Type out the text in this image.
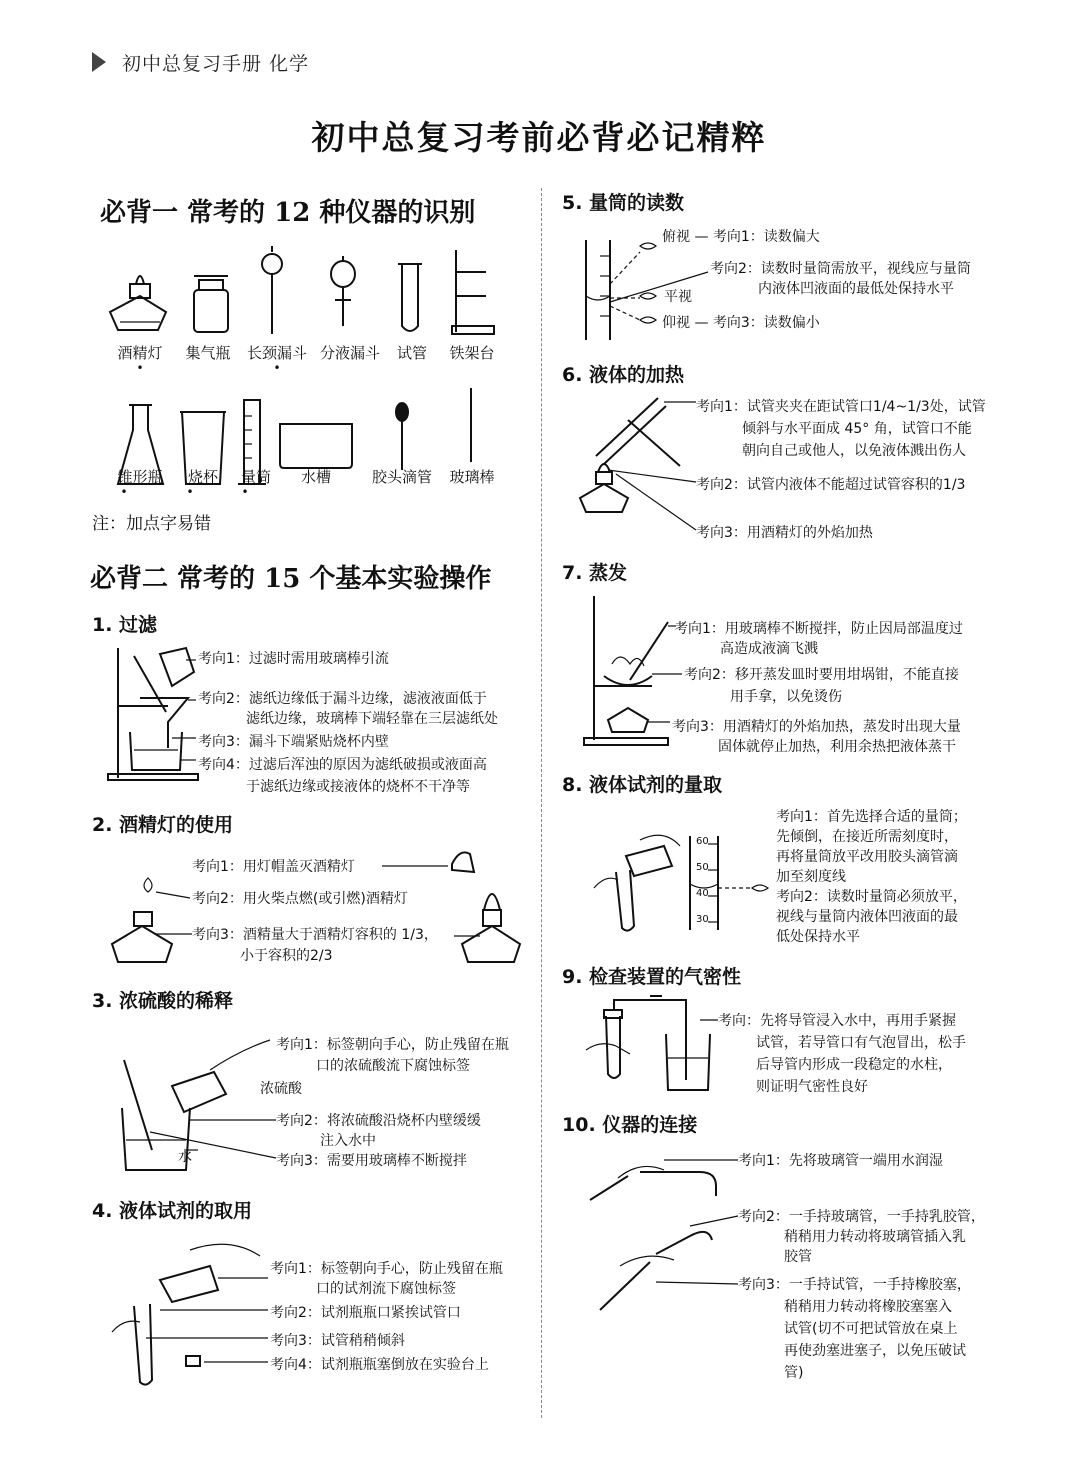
初中总复习手册 化学
初中总复习考前必背必记精粹
必背一 常考的 12 种仪器的识别
酒精灯
•
集气瓶	长颈漏斗
•
分液漏斗	试管	铁架台
锥形瓶
•
烧杯
•
量筒
•
水槽	胶头滴管	玻璃棒
注：加点字易错
必背二 常考的 15 个基本实验操作
1. 过滤
考向1：过滤时需用玻璃棒引流
考向2：滤纸边缘低于漏斗边缘，滤液液面低于
滤纸边缘，玻璃棒下端轻靠在三层滤纸处
考向3：漏斗下端紧贴烧杯内壁
考向4：过滤后浑浊的原因为滤纸破损或液面高
于滤纸边缘或接液体的烧杯不干净等
2. 酒精灯的使用
考向1：用灯帽盖灭酒精灯
考向2：用火柴点燃(或引燃)酒精灯
考向3：酒精量大于酒精灯容积的 1/3，
小于容积的2/3
3. 浓硫酸的稀释
考向1：标签朝向手心，防止残留在瓶
口的浓硫酸流下腐蚀标签
浓硫酸
考向2：将浓硫酸沿烧杯内壁缓缓
注入水中
考向3：需要用玻璃棒不断搅拌
水
4. 液体试剂的取用
考向1：标签朝向手心，防止残留在瓶
口的试剂流下腐蚀标签
考向2：试剂瓶瓶口紧挨试管口
考向3：试管稍稍倾斜
考向4：试剂瓶瓶塞倒放在实验台上
5. 量筒的读数
俯视 — 考向1：读数偏大
考向2：读数时量筒需放平，视线应与量筒
内液体凹液面的最低处保持水平
平视
仰视 — 考向3：读数偏小
6. 液体的加热
考向1：试管夹夹在距试管口1/4~1/3处，试管
倾斜与水平面成 45° 角，试管口不能
朝向自己或他人，以免液体溅出伤人
考向2：试管内液体不能超过试管容积的1/3
考向3：用酒精灯的外焰加热
7. 蒸发
考向1：用玻璃棒不断搅拌，防止因局部温度过
高造成液滴飞溅
考向2：移开蒸发皿时要用坩埚钳，不能直接
用手拿，以免烫伤
考向3：用酒精灯的外焰加热，蒸发时出现大量
固体就停止加热，利用余热把液体蒸干
8. 液体试剂的量取
60
50
40
30
考向1：首先选择合适的量筒；
先倾倒，在接近所需刻度时，
再将量筒放平改用胶头滴管滴
加至刻度线
考向2：读数时量筒必须放平，
视线与量筒内液体凹液面的最
低处保持水平
9. 检查装置的气密性
考向：先将导管浸入水中，再用手紧握
试管，若导管口有气泡冒出，松手
后导管内形成一段稳定的水柱，
则证明气密性良好
10. 仪器的连接
考向1：先将玻璃管一端用水润湿
考向2：一手持玻璃管，一手持乳胶管，
稍稍用力转动将玻璃管插入乳
胶管
考向3：一手持试管，一手持橡胶塞，
稍稍用力转动将橡胶塞塞入
试管(切不可把试管放在桌上
再使劲塞进塞子，以免压破试
管)
